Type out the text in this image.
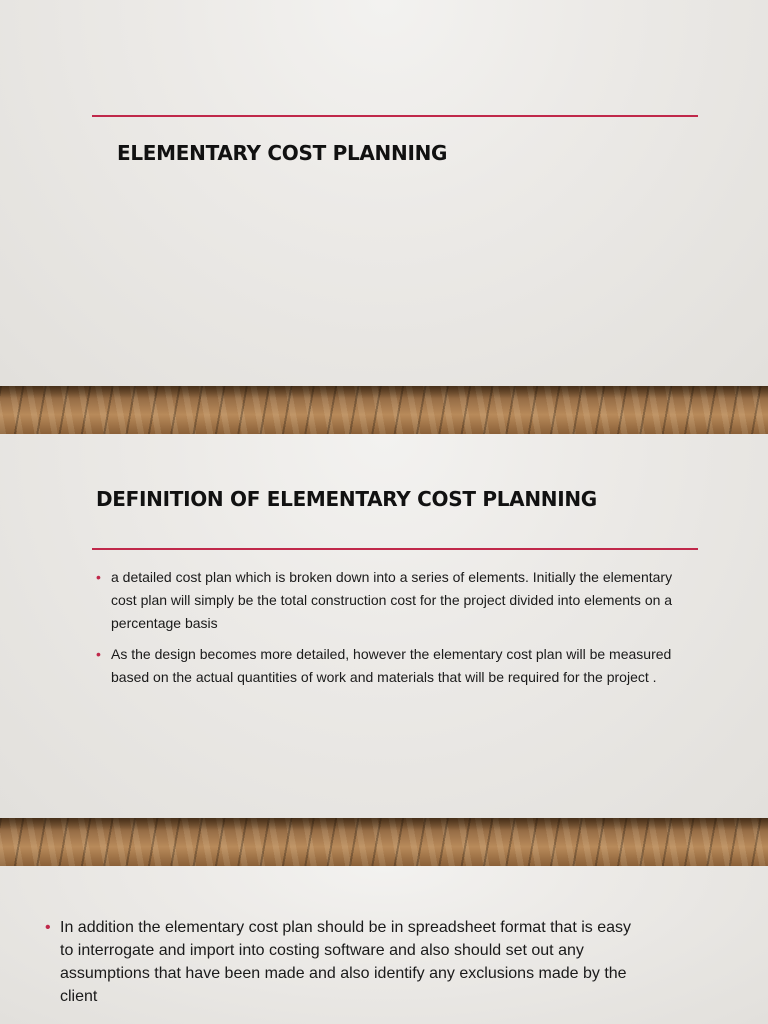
ELEMENTARY COST PLANNING
DEFINITION OF ELEMENTARY COST PLANNING
• a detailed cost plan which is broken down into a series of elements. Initially the elementary cost plan will simply be the total construction cost for the project divided into elements on a percentage basis
• As the design becomes more detailed, however the elementary cost plan will be measured based on the actual quantities of work and materials that will be required for the project .
• In addition the elementary cost plan should be in spreadsheet format that is easy to interrogate and import into costing software and also should set out any assumptions that have been made and also identify any exclusions made by the client
